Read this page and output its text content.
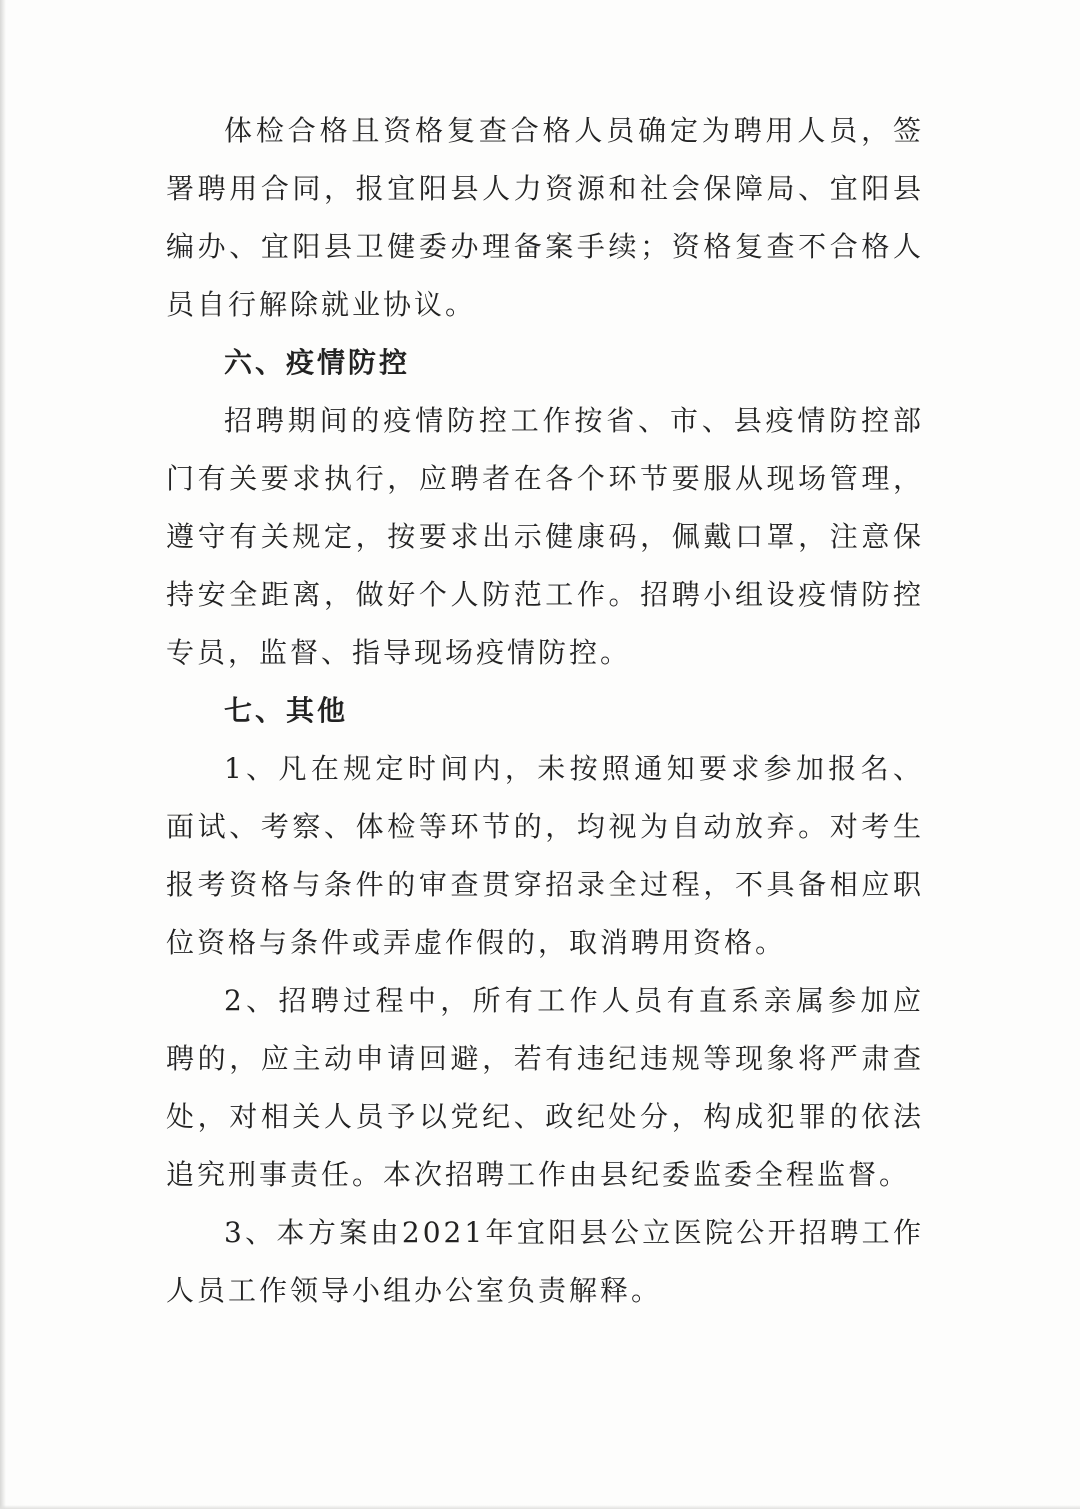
体检合格且资格复查合格人员确定为聘用人员，签署聘用合同，报宜阳县人力资源和社会保障局、宜阳县编办、宜阳县卫健委办理备案手续；资格复查不合格人员自行解除就业协议。

六、疫情防控

招聘期间的疫情防控工作按省、市、县疫情防控部门有关要求执行，应聘者在各个环节要服从现场管理，遵守有关规定，按要求出示健康码，佩戴口罩，注意保持安全距离，做好个人防范工作。招聘小组设疫情防控专员，监督、指导现场疫情防控。

七、其他

1、凡在规定时间内，未按照通知要求参加报名、面试、考察、体检等环节的，均视为自动放弃。对考生报考资格与条件的审查贯穿招录全过程，不具备相应职位资格与条件或弄虚作假的，取消聘用资格。

2、招聘过程中，所有工作人员有直系亲属参加应聘的，应主动申请回避，若有违纪违规等现象将严肃查处，对相关人员予以党纪、政纪处分，构成犯罪的依法追究刑事责任。本次招聘工作由县纪委监委全程监督。

3、本方案由2021年宜阳县公立医院公开招聘工作人员工作领导小组办公室负责解释。
